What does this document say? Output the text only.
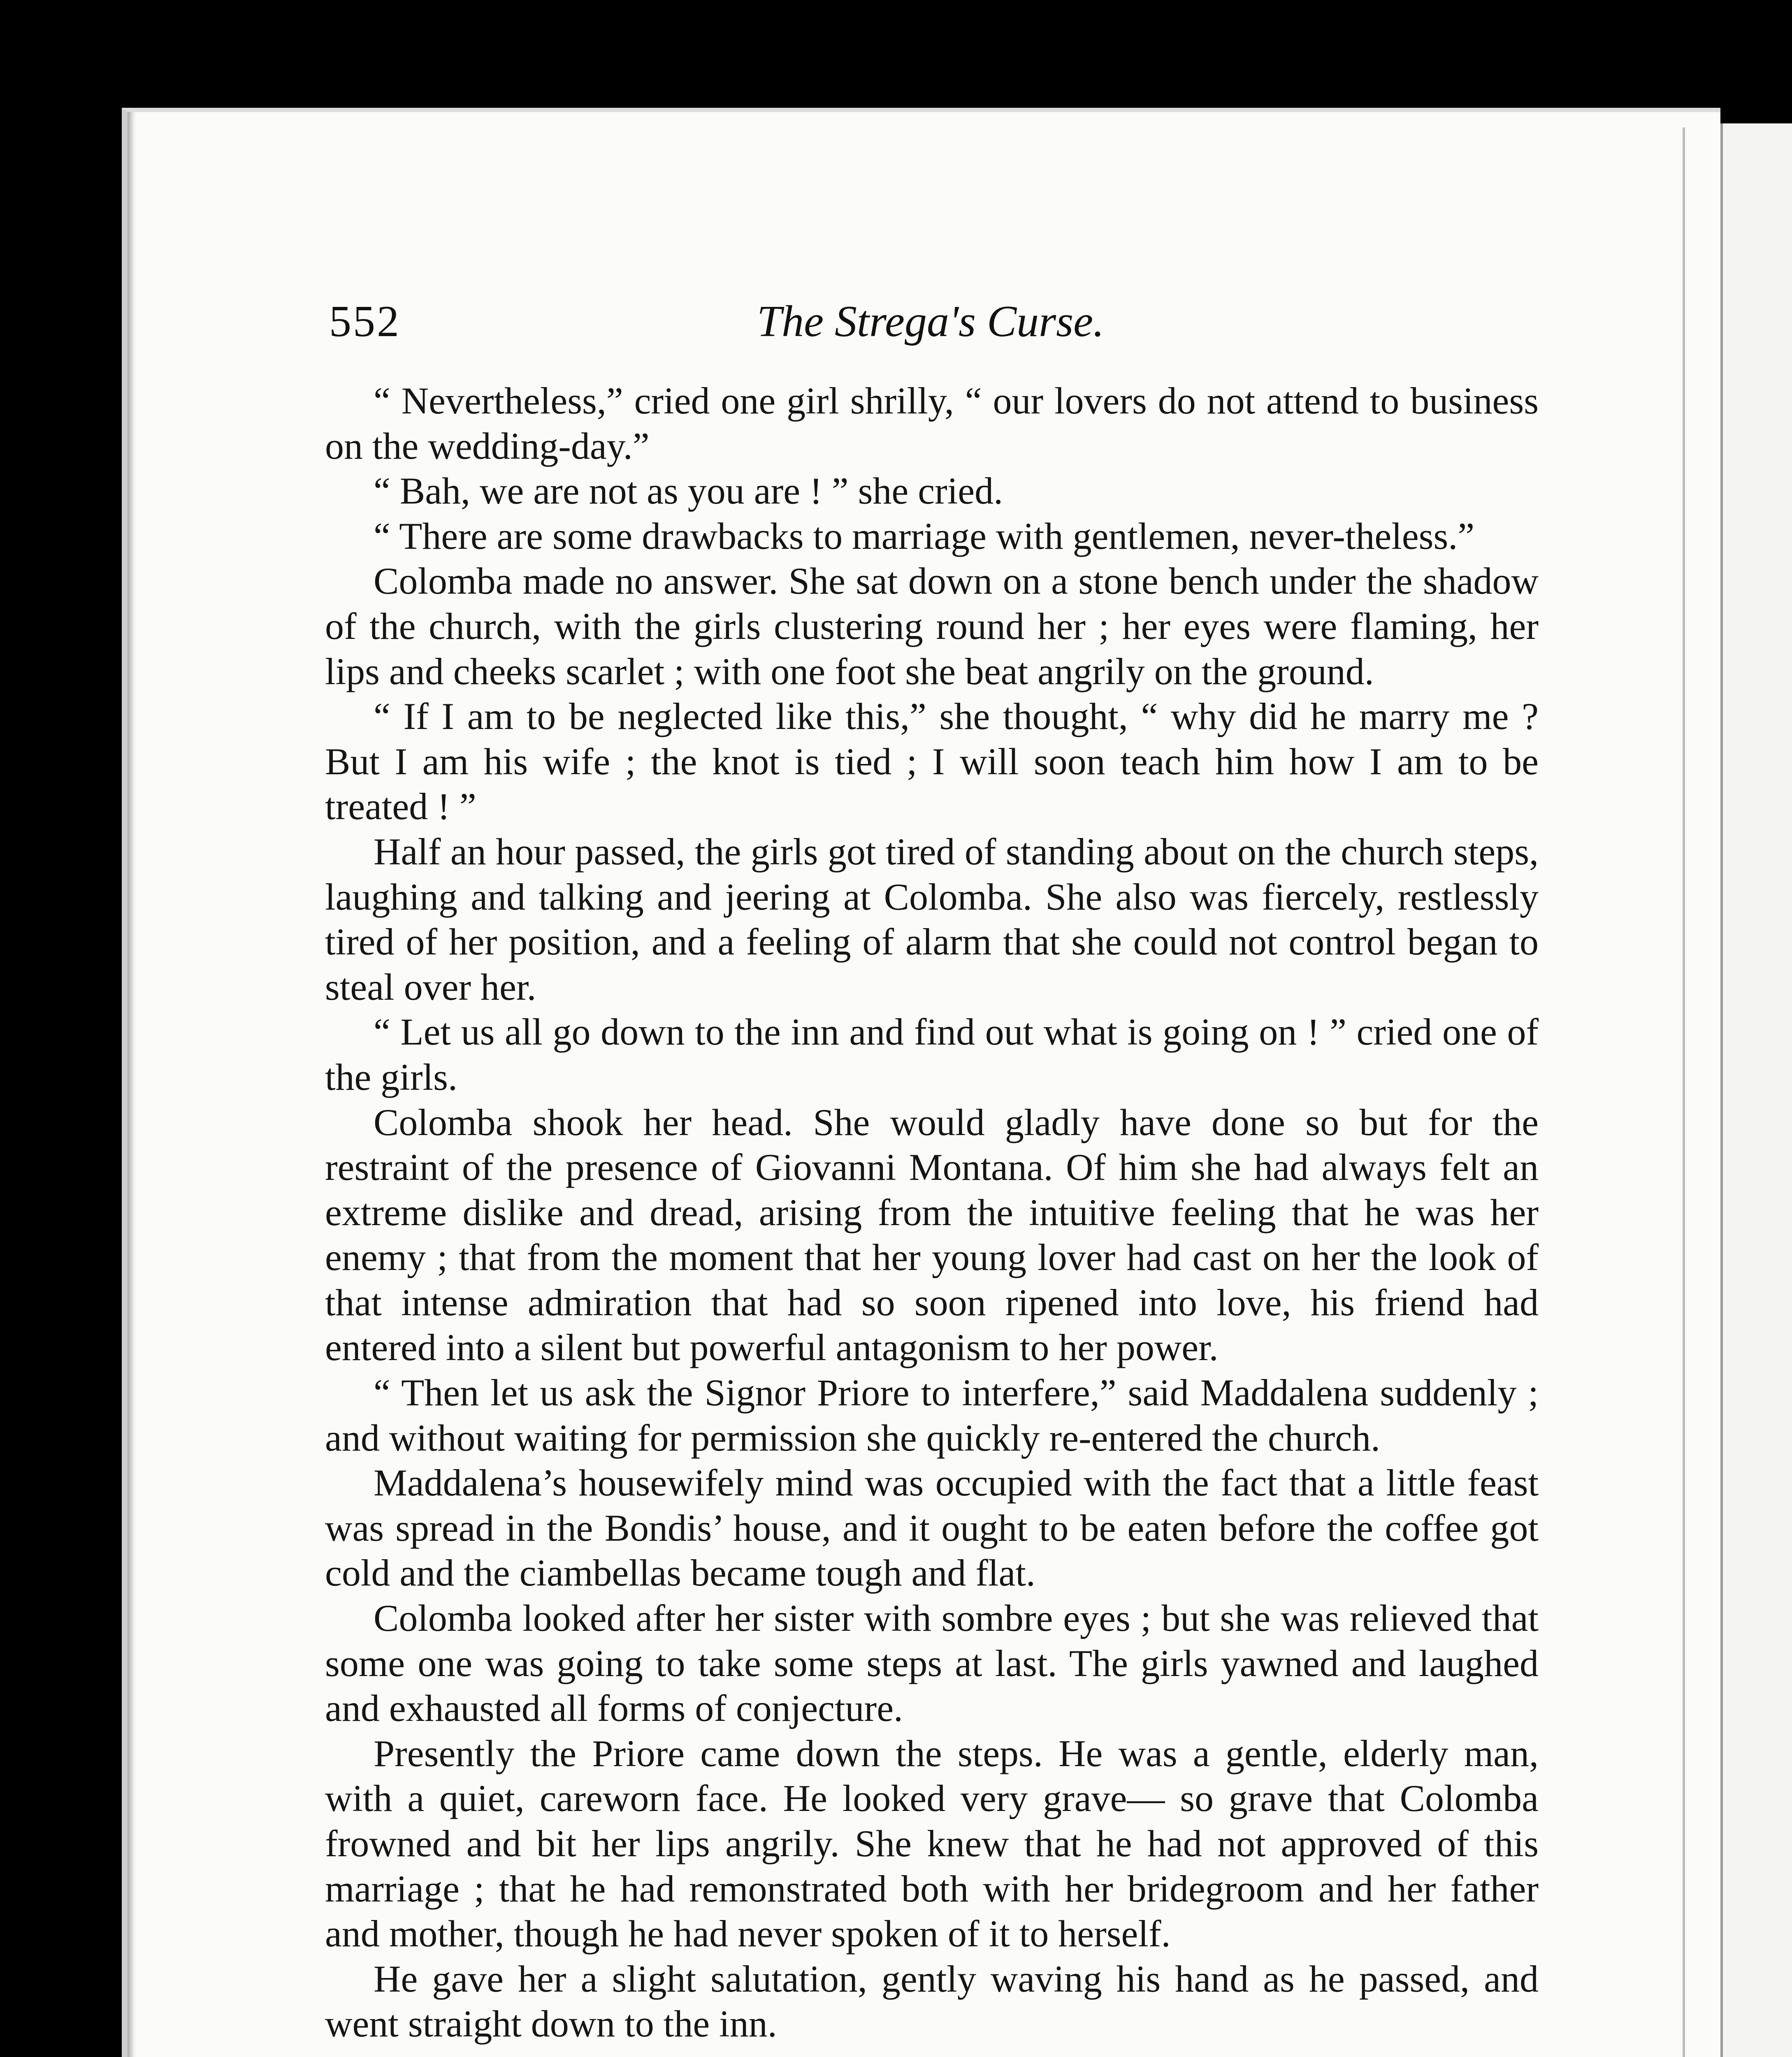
552	The Strega's Curse.

“ Nevertheless,” cried one girl shrilly, “ our lovers do not attend to business on the wedding-day.”

“ Bah, we are not as you are ! ” she cried.

“ There are some drawbacks to marriage with gentlemen, never-theless.”

Colomba made no answer. She sat down on a stone bench under the shadow of the church, with the girls clustering round her ; her eyes were flaming, her lips and cheeks scarlet ; with one foot she beat angrily on the ground.

“ If I am to be neglected like this,” she thought, “ why did he marry me ? But I am his wife ; the knot is tied ; I will soon teach him how I am to be treated ! ”

Half an hour passed, the girls got tired of standing about on the church steps, laughing and talking and jeering at Colomba. She also was fiercely, restlessly tired of her position, and a feeling of alarm that she could not control began to steal over her.

“ Let us all go down to the inn and find out what is going on ! ” cried one of the girls.

Colomba shook her head. She would gladly have done so but for the restraint of the presence of Giovanni Montana. Of him she had always felt an extreme dislike and dread, arising from the intuitive feeling that he was her enemy ; that from the moment that her young lover had cast on her the look of that intense admiration that had so soon ripened into love, his friend had entered into a silent but powerful antagonism to her power.

“ Then let us ask the Signor Priore to interfere,” said Maddalena suddenly ; and without waiting for permission she quickly re-entered the church.

Maddalena’s housewifely mind was occupied with the fact that a little feast was spread in the Bondis’ house, and it ought to be eaten before the coffee got cold and the ciambellas became tough and flat.

Colomba looked after her sister with sombre eyes ; but she was relieved that some one was going to take some steps at last. The girls yawned and laughed and exhausted all forms of conjecture.

Presently the Priore came down the steps. He was a gentle, elderly man, with a quiet, careworn face. He looked very grave— so grave that Colomba frowned and bit her lips angrily. She knew that he had not approved of this marriage ; that he had remonstrated both with her bridegroom and her father and mother, though he had never spoken of it to herself.

He gave her a slight salutation, gently waving his hand as he passed, and went straight down to the inn.
